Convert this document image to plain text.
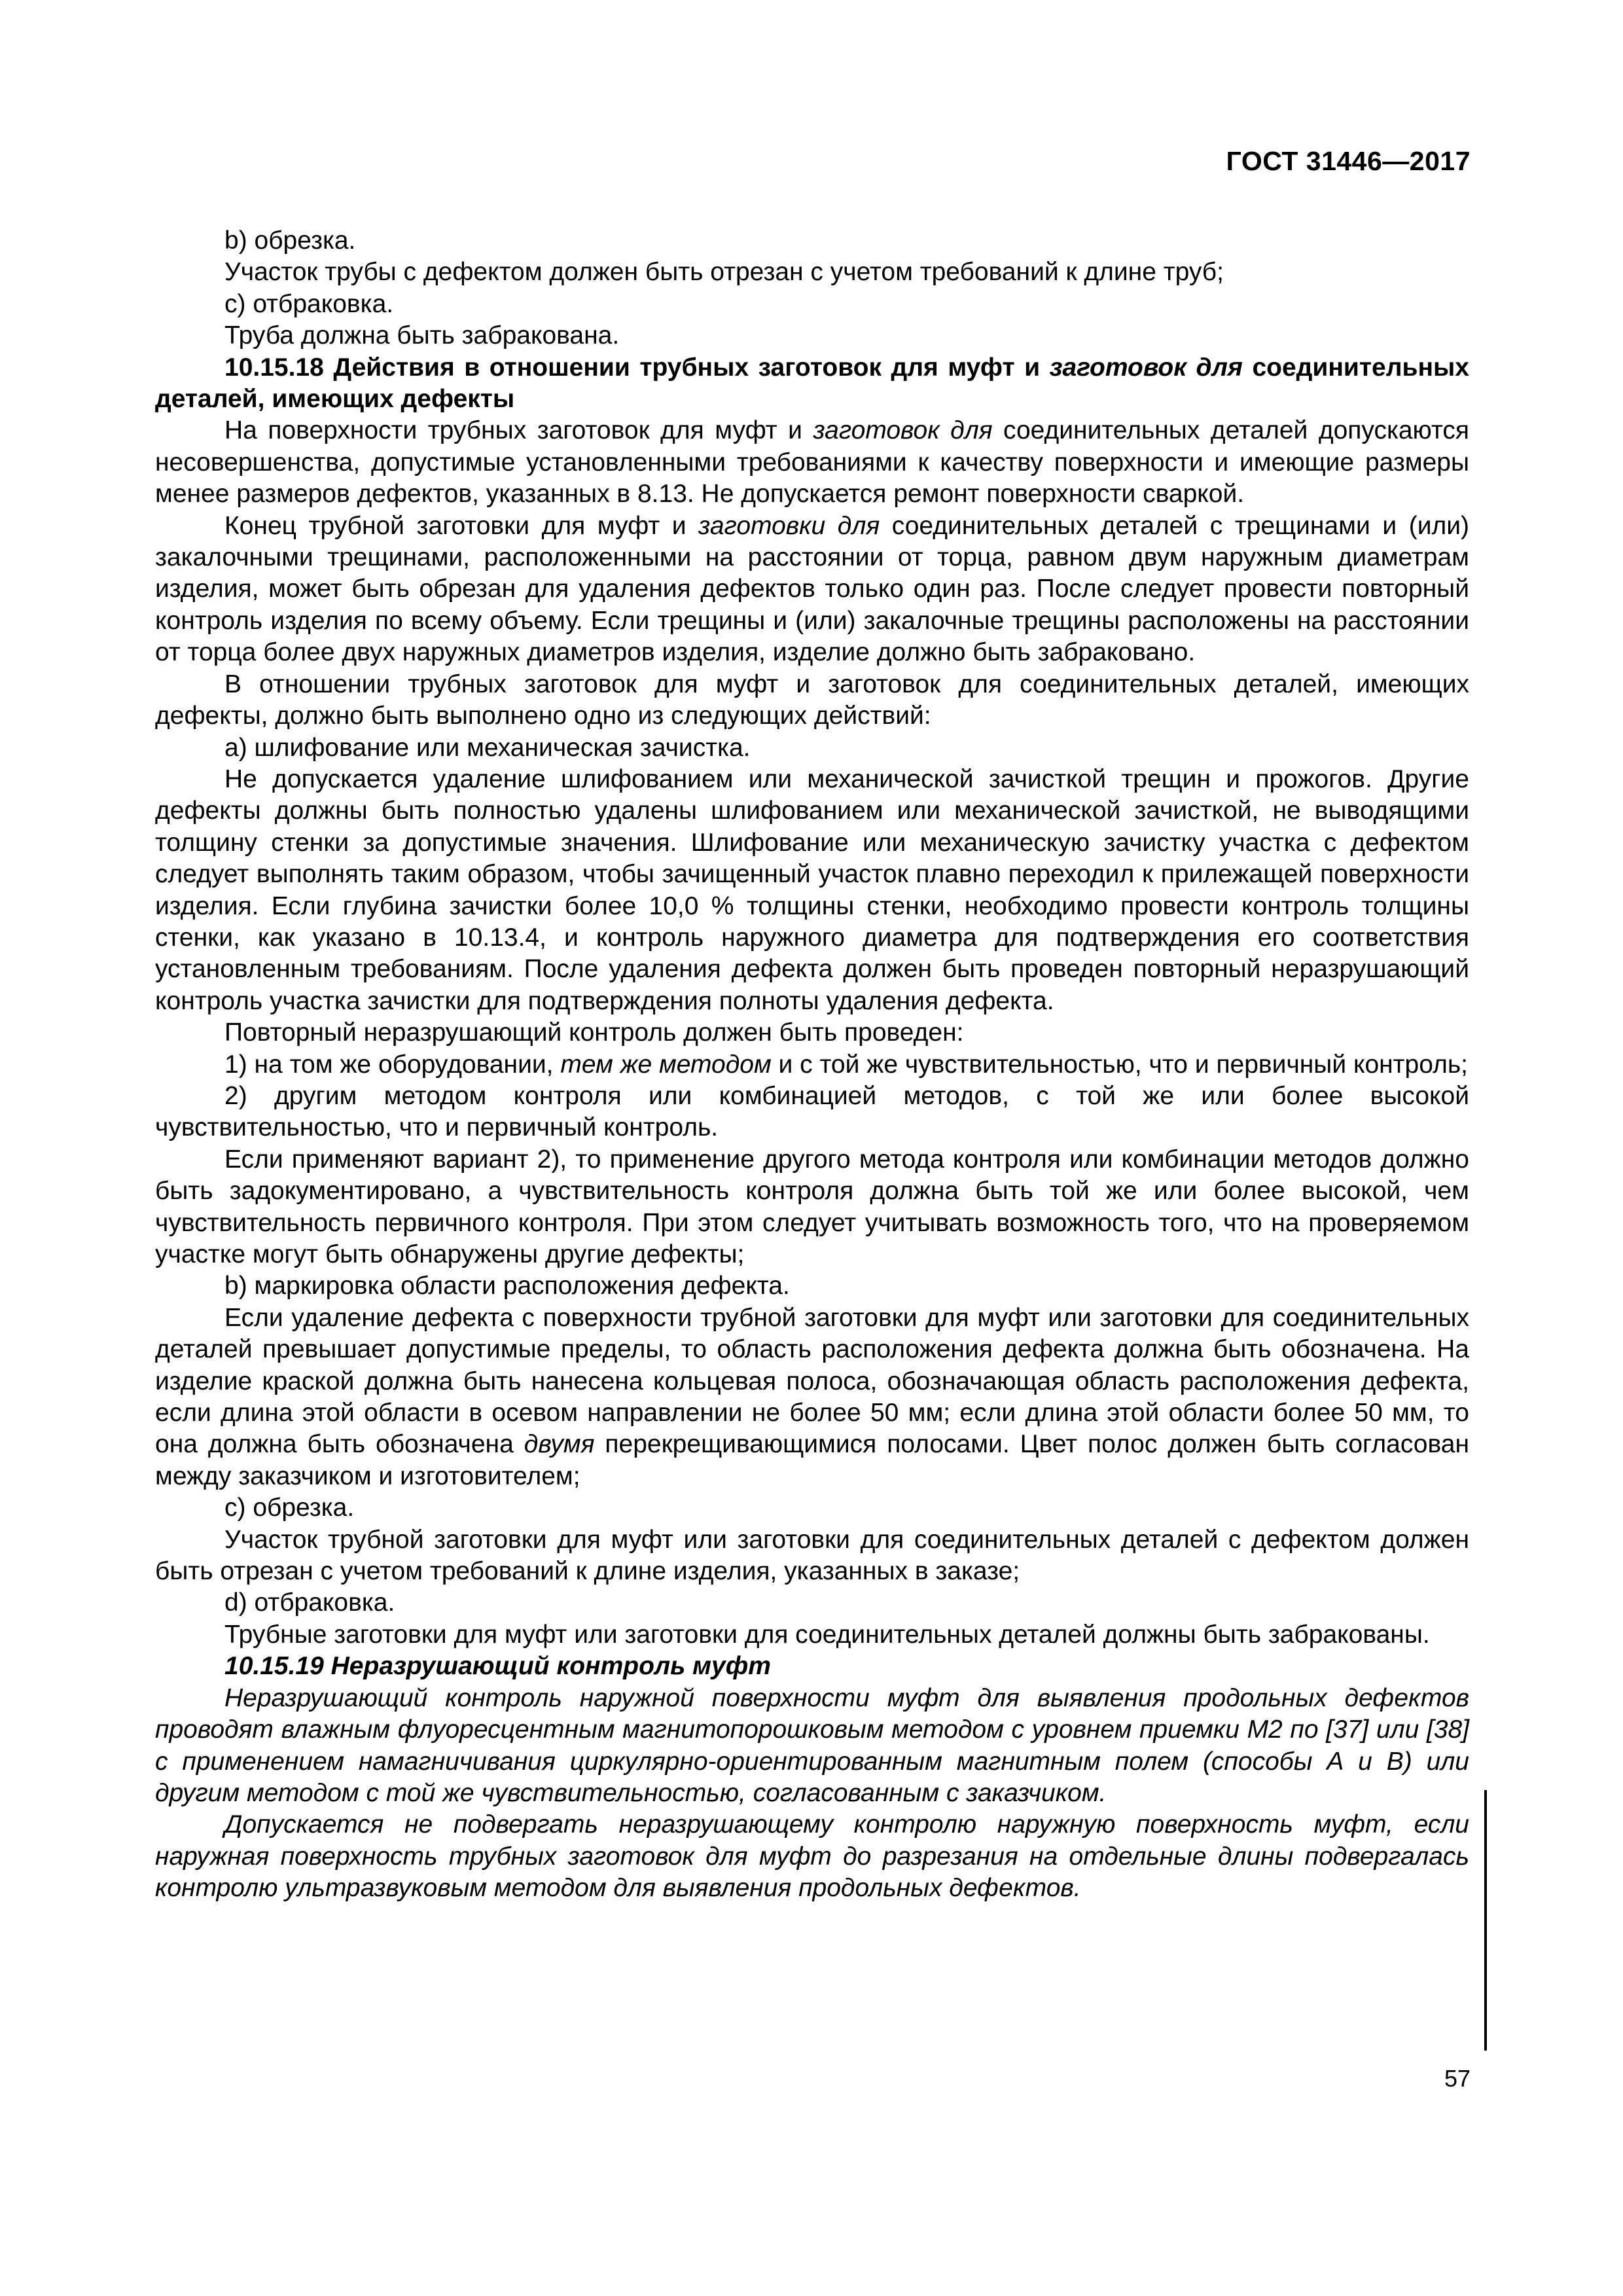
ГОСТ 31446—2017

b) обрезка.

Участок трубы с дефектом должен быть отрезан с учетом требований к длине труб;

c) отбраковка.

Труба должна быть забракована.

10.15.18 Действия в отношении трубных заготовок для муфт и заготовок для соединительных деталей, имеющих дефекты

На поверхности трубных заготовок для муфт и заготовок для соединительных деталей допускаются несовершенства, допустимые установленными требованиями к качеству поверхности и имеющие размеры менее размеров дефектов, указанных в 8.13. Не допускается ремонт поверхности сваркой.

Конец трубной заготовки для муфт и заготовки для соединительных деталей с трещинами и (или) закалочными трещинами, расположенными на расстоянии от торца, равном двум наружным диаметрам изделия, может быть обрезан для удаления дефектов только один раз. После следует провести повторный контроль изделия по всему объему. Если трещины и (или) закалочные трещины расположены на расстоянии от торца более двух наружных диаметров изделия, изделие должно быть забраковано.

В отношении трубных заготовок для муфт и заготовок для соединительных деталей, имеющих дефекты, должно быть выполнено одно из следующих действий:

a) шлифование или механическая зачистка.

Не допускается удаление шлифованием или механической зачисткой трещин и прожогов. Другие дефекты должны быть полностью удалены шлифованием или механической зачисткой, не выводящими толщину стенки за допустимые значения. Шлифование или механическую зачистку участка с дефектом следует выполнять таким образом, чтобы зачищенный участок плавно переходил к прилежащей поверхности изделия. Если глубина зачистки более 10,0 % толщины стенки, необходимо провести контроль толщины стенки, как указано в 10.13.4, и контроль наружного диаметра для подтверждения его соответствия установленным требованиям. После удаления дефекта должен быть проведен повторный неразрушающий контроль участка зачистки для подтверждения полноты удаления дефекта.

Повторный неразрушающий контроль должен быть проведен:

1) на том же оборудовании, тем же методом и с той же чувствительностью, что и первичный контроль;

2) другим методом контроля или комбинацией методов, с той же или более высокой чувствительностью, что и первичный контроль.

Если применяют вариант 2), то применение другого метода контроля или комбинации методов должно быть задокументировано, а чувствительность контроля должна быть той же или более высокой, чем чувствительность первичного контроля. При этом следует учитывать возможность того, что на проверяемом участке могут быть обнаружены другие дефекты;

b) маркировка области расположения дефекта.

Если удаление дефекта с поверхности трубной заготовки для муфт или заготовки для соединительных деталей превышает допустимые пределы, то область расположения дефекта должна быть обозначена. На изделие краской должна быть нанесена кольцевая полоса, обозначающая область расположения дефекта, если длина этой области в осевом направлении не более 50 мм; если длина этой области более 50 мм, то она должна быть обозначена двумя перекрещивающимися полосами. Цвет полос должен быть согласован между заказчиком и изготовителем;

c) обрезка.

Участок трубной заготовки для муфт или заготовки для соединительных деталей с дефектом должен быть отрезан с учетом требований к длине изделия, указанных в заказе;

d) отбраковка.

Трубные заготовки для муфт или заготовки для соединительных деталей должны быть забракованы.

10.15.19 Неразрушающий контроль муфт

Неразрушающий контроль наружной поверхности муфт для выявления продольных дефектов проводят влажным флуоресцентным магнитопорошковым методом с уровнем приемки М2 по [37] или [38] с применением намагничивания циркулярно-ориентированным магнитным полем (способы А и В) или другим методом с той же чувствительностью, согласованным с заказчиком.

Допускается не подвергать неразрушающему контролю наружную поверхность муфт, если наружная поверхность трубных заготовок для муфт до разрезания на отдельные длины подвергалась контролю ультразвуковым методом для выявления продольных дефектов.

57
